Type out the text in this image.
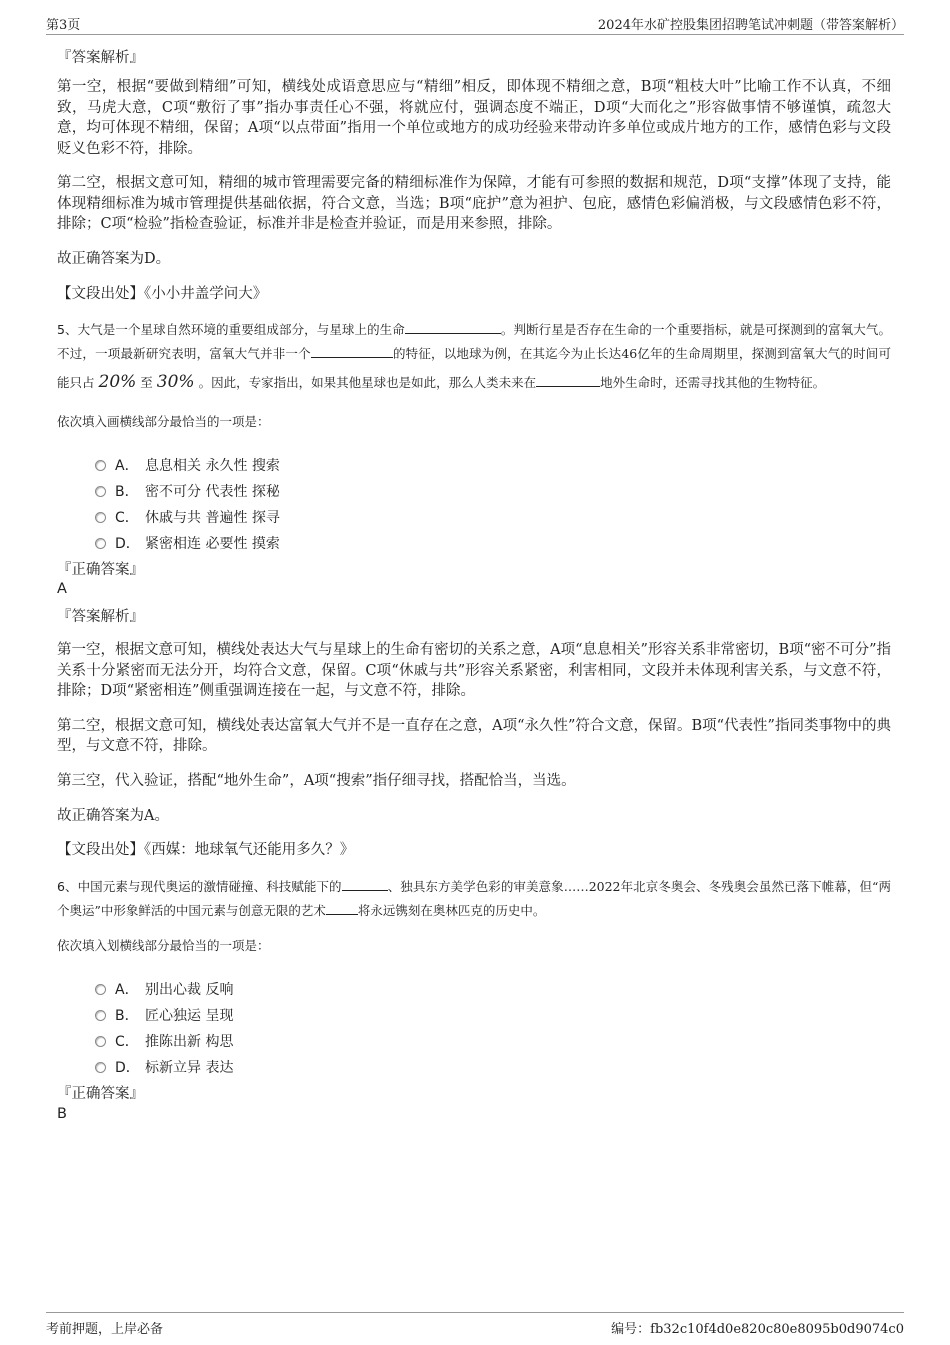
第3页	2024年水矿控股集团招聘笔试冲刺题（带答案解析）

『答案解析』

第一空，根据“要做到精细”可知，横线处成语意思应与“精细”相反，即体现不精细之意，B项“粗枝大叶”比喻工作不认真，不细致，马虎大意，C项“敷衍了事”指办事责任心不强，将就应付，强调态度不端正，D项“大而化之”形容做事情不够谨慎，疏忽大意，均可体现不精细，保留；A项“以点带面”指用一个单位或地方的成功经验来带动许多单位或成片地方的工作，感情色彩与文段贬义色彩不符，排除。

第二空，根据文意可知，精细的城市管理需要完备的精细标准作为保障，才能有可参照的数据和规范，D项“支撑”体现了支持，能体现精细标准为城市管理提供基础依据，符合文意，当选；B项“庇护”意为袒护、包庇，感情色彩偏消极，与文段感情色彩不符，排除；C项“检验”指检查验证，标准并非是检查并验证，而是用来参照，排除。

故正确答案为D。

【文段出处】《小小井盖学问大》

5、大气是一个星球自然环境的重要组成部分，与星球上的生命	。判断行星是否存在生命的一个重要指标，就是可探测到的富氧大气。不过，一项最新研究表明，富氧大气并非一个	的特征，以地球为例，在其迄今为止长达46亿年的生命周期里，探测到富氧大气的时间可能只占 20% 至 30% 。因此，专家指出，如果其他星球也是如此，那么人类未来在	地外生命时，还需寻找其他的生物特征。

依次填入画横线部分最恰当的一项是：

A． 息息相关 永久性 搜索
B． 密不可分 代表性 探秘
C． 休戚与共 普遍性 探寻
D． 紧密相连 必要性 摸索

『正确答案』

A

『答案解析』

第一空，根据文意可知，横线处表达大气与星球上的生命有密切的关系之意，A项“息息相关”形容关系非常密切，B项“密不可分”指关系十分紧密而无法分开，均符合文意，保留。C项“休戚与共”形容关系紧密，利害相同，文段并未体现利害关系，与文意不符，排除；D项“紧密相连”侧重强调连接在一起，与文意不符，排除。

第二空，根据文意可知，横线处表达富氧大气并不是一直存在之意，A项“永久性”符合文意，保留。B项“代表性”指同类事物中的典型，与文意不符，排除。

第三空，代入验证，搭配“地外生命”，A项“搜索”指仔细寻找，搭配恰当，当选。

故正确答案为A。

【文段出处】《西媒：地球氧气还能用多久？》

6、中国元素与现代奥运的激情碰撞、科技赋能下的	、独具东方美学色彩的审美意象……2022年北京冬奥会、冬残奥会虽然已落下帷幕，但“两个奥运”中形象鲜活的中国元素与创意无限的艺术	将永远镌刻在奥林匹克的历史中。

依次填入划横线部分最恰当的一项是：

A． 别出心裁 反响
B． 匠心独运 呈现
C． 推陈出新 构思
D． 标新立异 表达

『正确答案』

B

考前押题，上岸必备	编号：fb32c10f4d0e820c80e8095b0d9074c0
